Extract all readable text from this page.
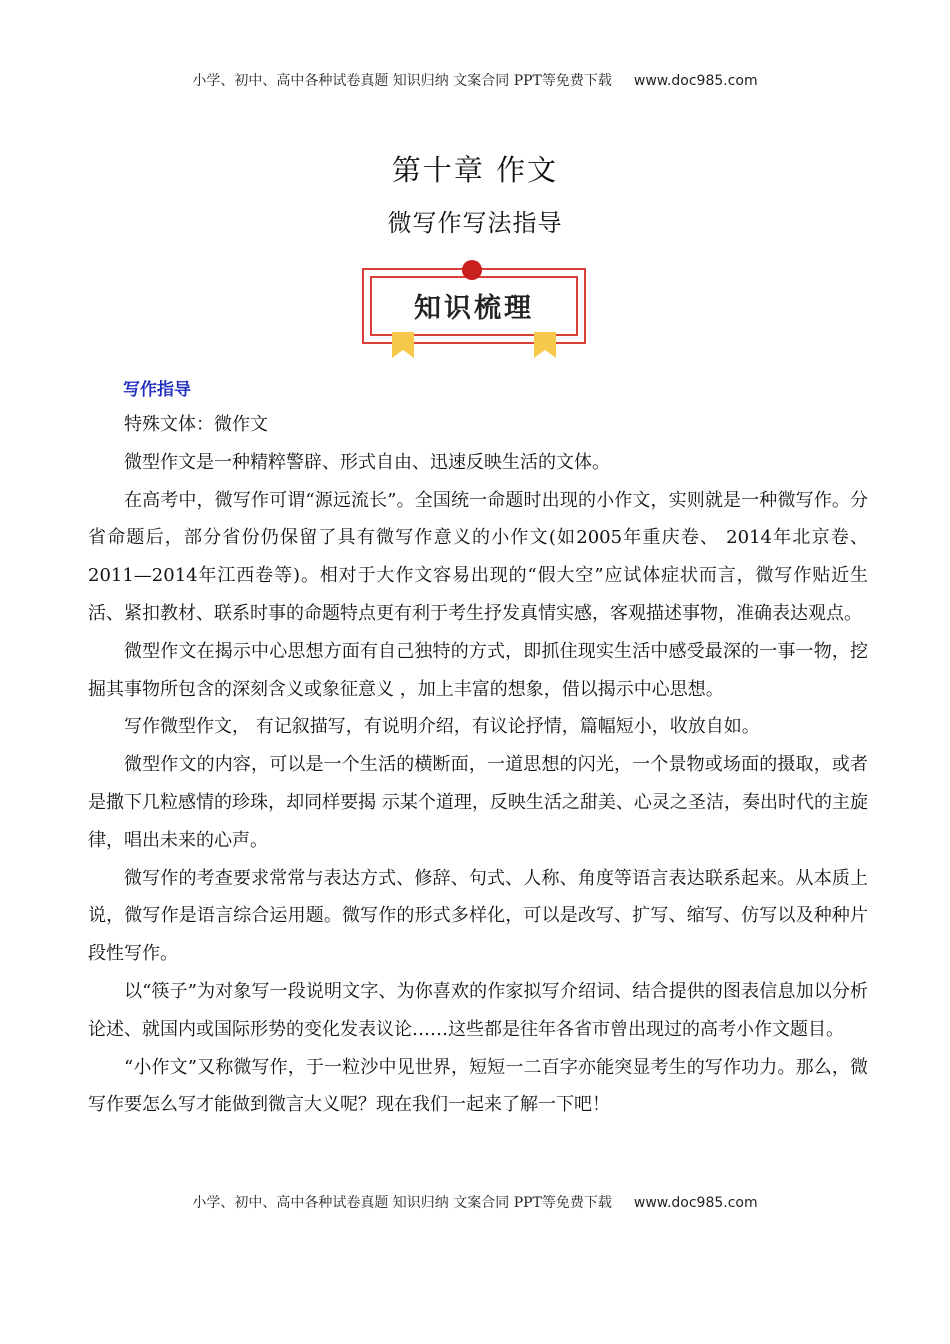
小学、初中、高中各种试卷真题 知识归纳 文案合同 PPT等免费下载 www.doc985.com
第十章 作文
微写作写法指导
知识梳理
写作指导

特殊文体：微作文

微型作文是一种精粹警辟、形式自由、迅速反映生活的文体。

在高考中，微写作可谓“源远流长”。全国统一命题时出现的小作文，实则就是一种微写作。分省命题后，部分省份仍保留了具有微写作意义的小作文(如2005年重庆卷、 2014年北京卷、2011—2014年江西卷等)。相对于大作文容易出现的“假大空”应试体症状而言，微写作贴近生活、紧扣教材、联系时事的命题特点更有利于考生抒发真情实感，客观描述事物，准确表达观点。

微型作文在揭示中心思想方面有自己独特的方式，即抓住现实生活中感受最深的一事一物，挖掘其事物所包含的深刻含义或象征意义 ，加上丰富的想象，借以揭示中心思想。

写作微型作文， 有记叙描写，有说明介绍，有议论抒情，篇幅短小，收放自如。

微型作文的内容，可以是一个生活的横断面，一道思想的闪光，一个景物或场面的摄取，或者是撒下几粒感情的珍珠，却同样要揭 示某个道理，反映生活之甜美、心灵之圣洁，奏出时代的主旋 律，唱出未来的心声。

微写作的考查要求常常与表达方式、修辞、句式、人称、角度等语言表达联系起来。从本质上说，微写作是语言综合运用题。微写作的形式多样化，可以是改写、扩写、缩写、仿写以及种种片段性写作。

以“筷子”为对象写一段说明文字、为你喜欢的作家拟写介绍词、结合提供的图表信息加以分析论述、就国内或国际形势的变化发表议论……这些都是往年各省市曾出现过的高考小作文题目。

“小作文”又称微写作，于一粒沙中见世界，短短一二百字亦能突显考生的写作功力。那么，微写作要怎么写才能做到微言大义呢？现在我们一起来了解一下吧！

小学、初中、高中各种试卷真题 知识归纳 文案合同 PPT等免费下载 www.doc985.com
